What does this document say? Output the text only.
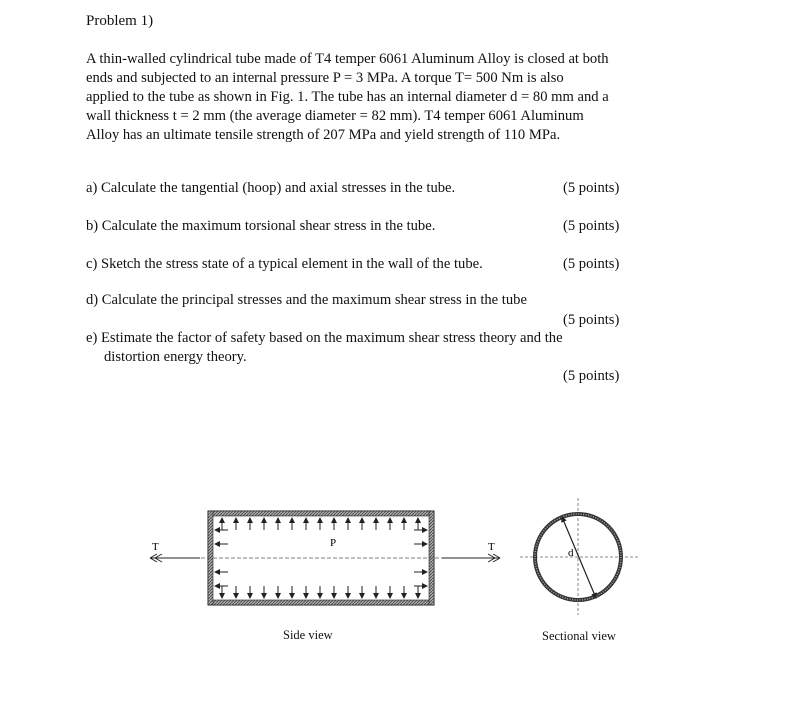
Problem 1)
A thin-walled cylindrical tube made of T4 temper 6061 Aluminum Alloy is closed at both
ends and subjected to an internal pressure P = 3 MPa. A torque T= 500 Nm is also
applied to the tube as shown in Fig. 1. The tube has an internal diameter d = 80 mm and a
wall thickness t = 2 mm (the average diameter = 82 mm). T4 temper 6061 Aluminum
Alloy has an ultimate tensile strength of 207 MPa and yield strength of 110 MPa.
a) Calculate the tangential (hoop) and axial stresses in the tube.	(5 points)
b) Calculate the maximum torsional shear stress in the tube.	(5 points)
c) Sketch the stress state of a typical element in the wall of the tube.	(5 points)
d) Calculate the principal stresses and the maximum shear stress in the tube
(5 points)
e) Estimate the factor of safety based on the maximum shear stress theory and the
distortion energy theory.
(5 points)
T	T
P
d
Side view	Sectional view
